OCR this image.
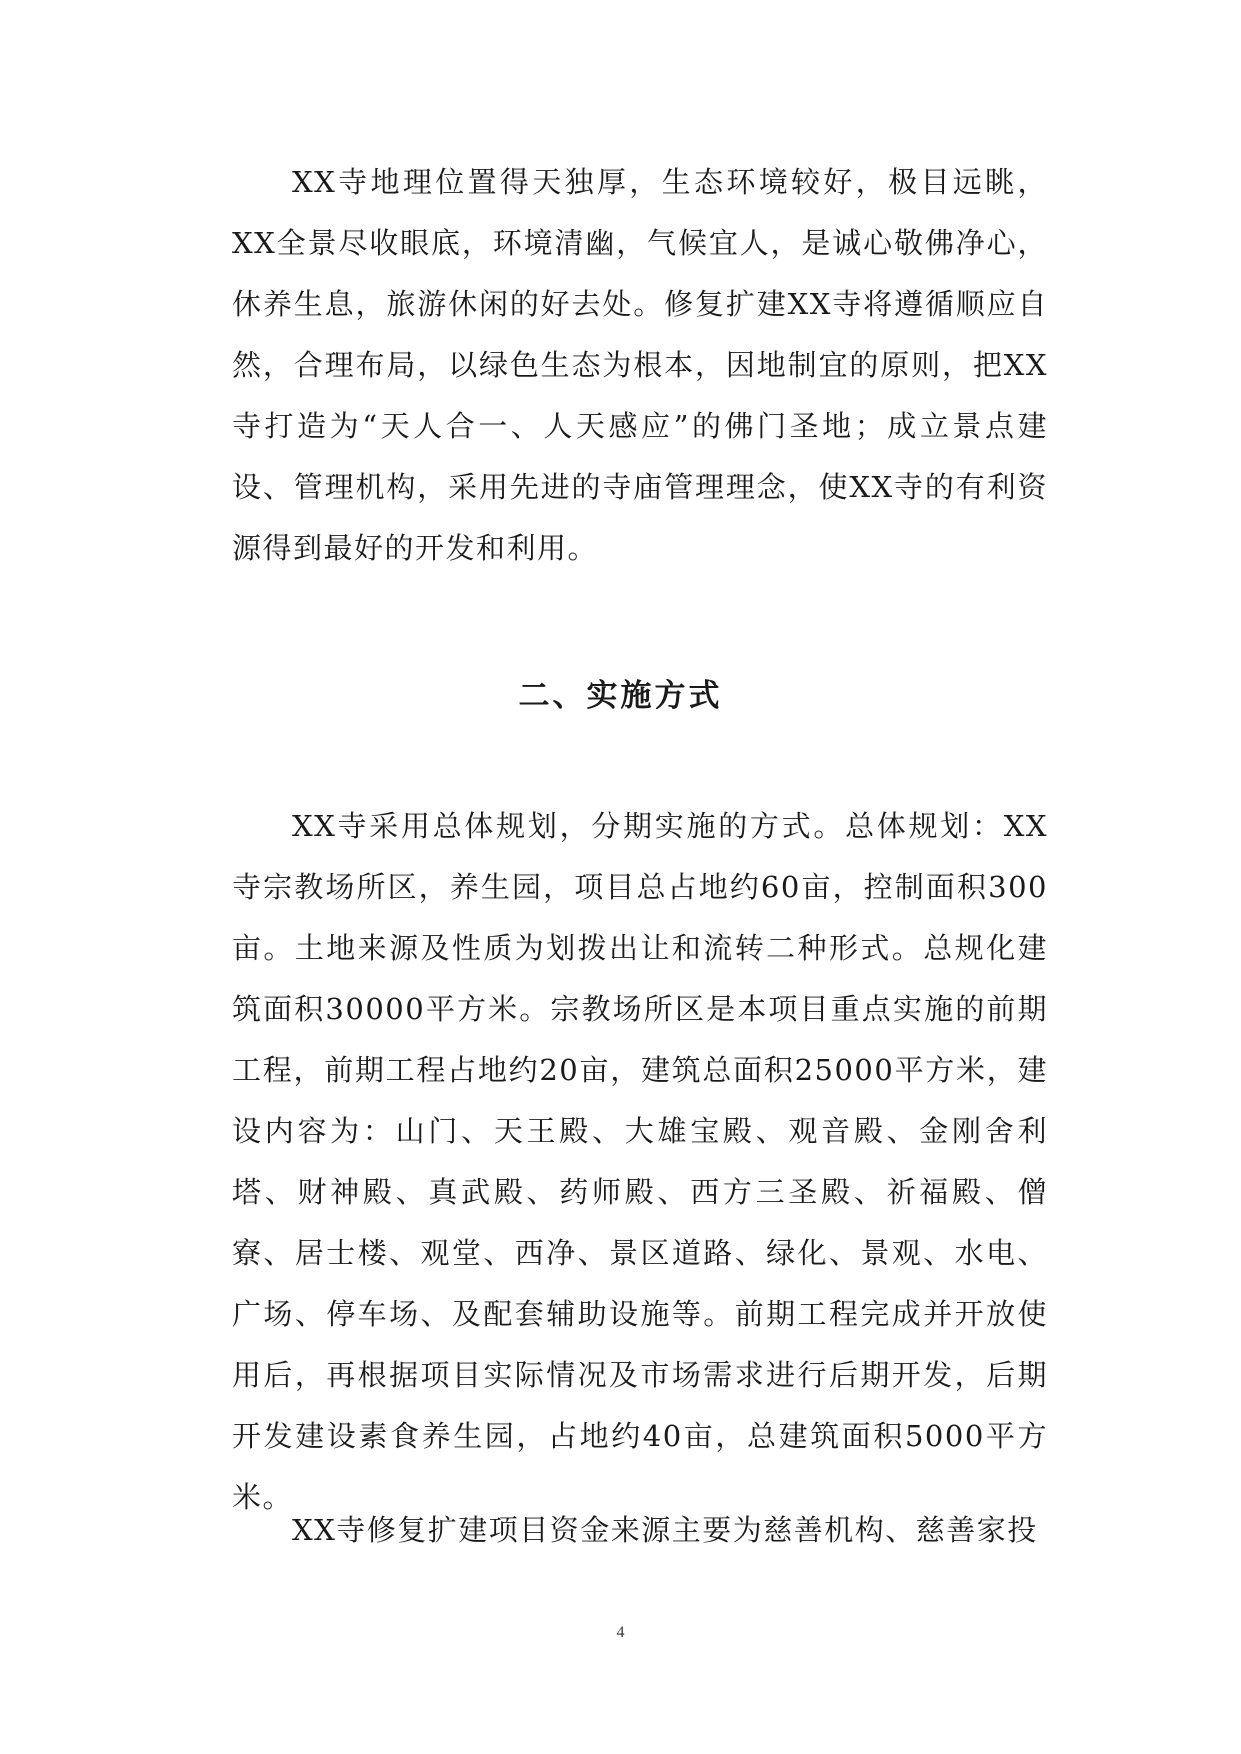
XX寺地理位置得天独厚，生态环境较好，极目远眺，XX全景尽收眼底，环境清幽，气候宜人，是诚心敬佛净心，休养生息，旅游休闲的好去处。修复扩建XX寺将遵循顺应自然，合理布局，以绿色生态为根本，因地制宜的原则，把XX寺打造为“天人合一、人天感应”的佛门圣地；成立景点建设、管理机构，采用先进的寺庙管理理念，使XX寺的有利资源得到最好的开发和利用。

二、实施方式

XX寺采用总体规划，分期实施的方式。总体规划：XX寺宗教场所区，养生园，项目总占地约60亩，控制面积300亩。土地来源及性质为划拨出让和流转二种形式。总规化建筑面积30000平方米。宗教场所区是本项目重点实施的前期工程，前期工程占地约20亩，建筑总面积25000平方米，建设内容为：山门、天王殿、大雄宝殿、观音殿、金刚舍利塔、财神殿、真武殿、药师殿、西方三圣殿、祈福殿、僧寮、居士楼、观堂、西净、景区道路、绿化、景观、水电、广场、停车场、及配套辅助设施等。前期工程完成并开放使用后，再根据项目实际情况及市场需求进行后期开发，后期开发建设素食养生园，占地约40亩，总建筑面积5000平方米。

XX寺修复扩建项目资金来源主要为慈善机构、慈善家投

4
